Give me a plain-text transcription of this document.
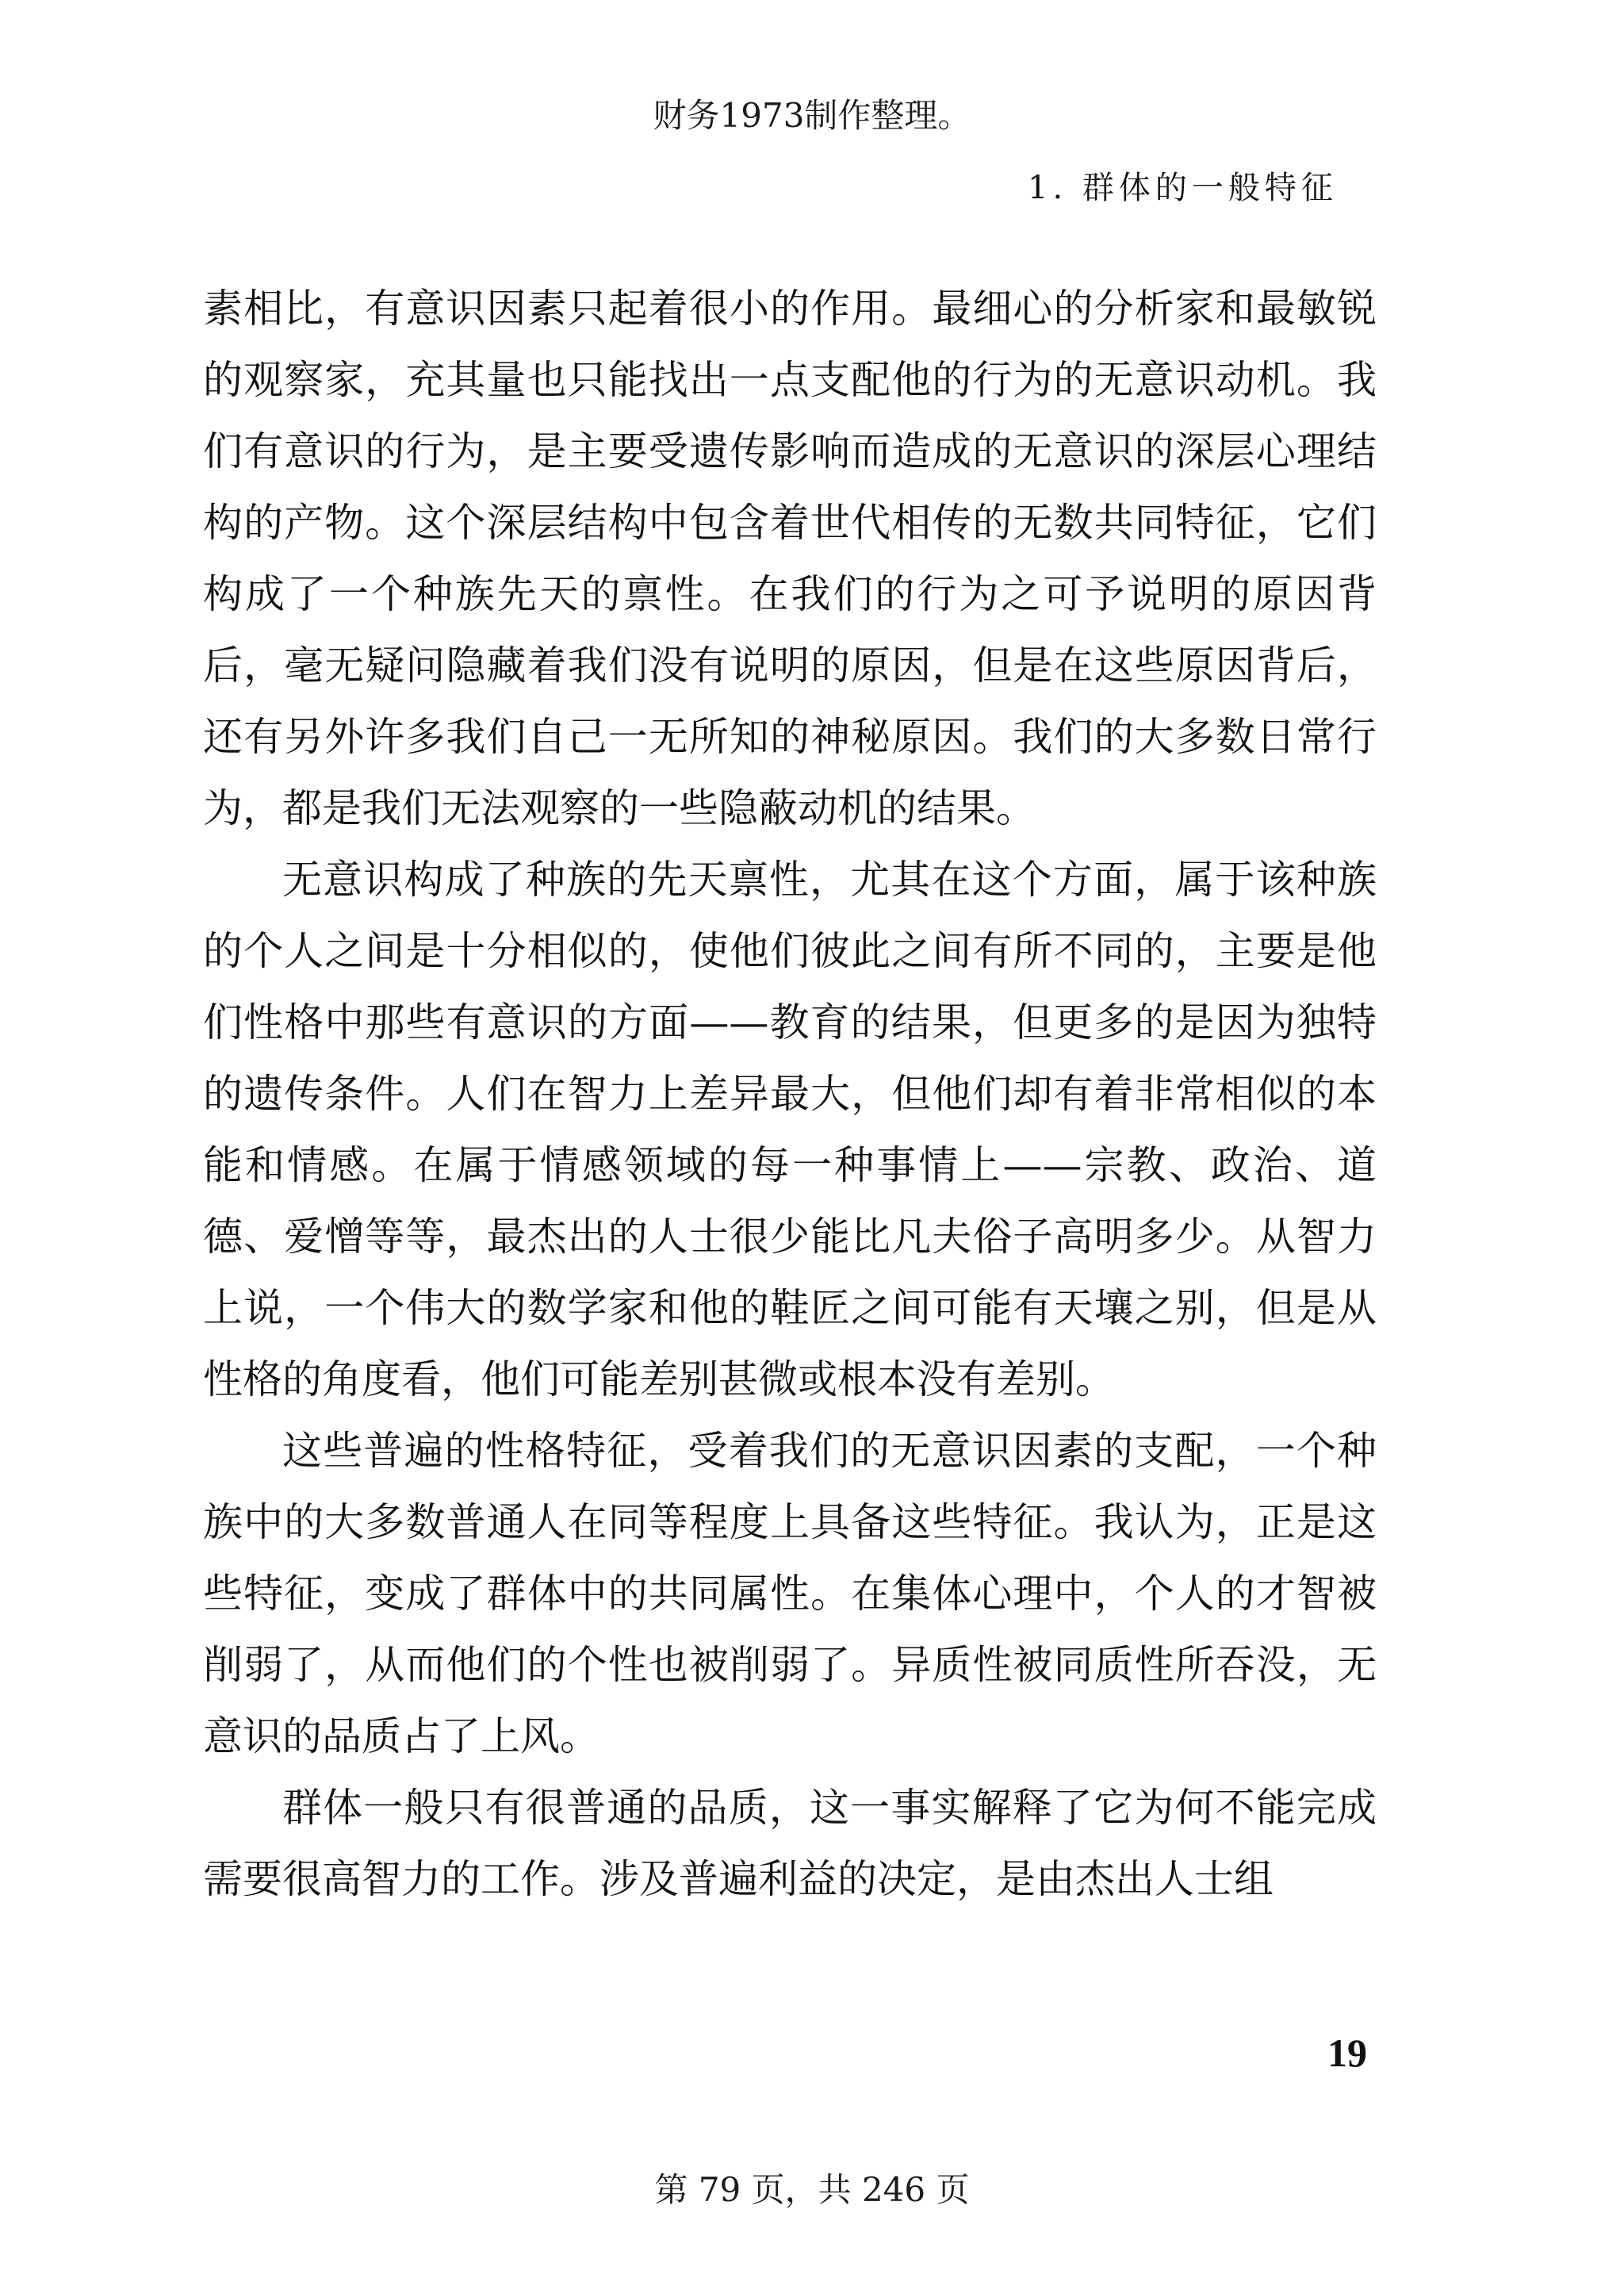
财务1973制作整理。
1. 群体的一般特征

素相比，有意识因素只起着很小的作用。最细心的分析家和最敏锐的观察家，充其量也只能找出一点支配他的行为的无意识动机。我们有意识的行为，是主要受遗传影响而造成的无意识的深层心理结构的产物。这个深层结构中包含着世代相传的无数共同特征，它们构成了一个种族先天的禀性。在我们的行为之可予说明的原因背后，毫无疑问隐藏着我们没有说明的原因，但是在这些原因背后，还有另外许多我们自己一无所知的神秘原因。我们的大多数日常行为，都是我们无法观察的一些隐蔽动机的结果。

无意识构成了种族的先天禀性，尤其在这个方面，属于该种族的个人之间是十分相似的，使他们彼此之间有所不同的，主要是他们性格中那些有意识的方面——教育的结果，但更多的是因为独特的遗传条件。人们在智力上差异最大，但他们却有着非常相似的本能和情感。在属于情感领域的每一种事情上——宗教、政治、道德、爱憎等等，最杰出的人士很少能比凡夫俗子高明多少。从智力上说，一个伟大的数学家和他的鞋匠之间可能有天壤之别，但是从性格的角度看，他们可能差别甚微或根本没有差别。

这些普遍的性格特征，受着我们的无意识因素的支配，一个种族中的大多数普通人在同等程度上具备这些特征。我认为，正是这些特征，变成了群体中的共同属性。在集体心理中，个人的才智被削弱了，从而他们的个性也被削弱了。异质性被同质性所吞没，无意识的品质占了上风。

群体一般只有很普通的品质，这一事实解释了它为何不能完成需要很高智力的工作。涉及普遍利益的决定，是由杰出人士组

19
第 79 页，共 246 页
